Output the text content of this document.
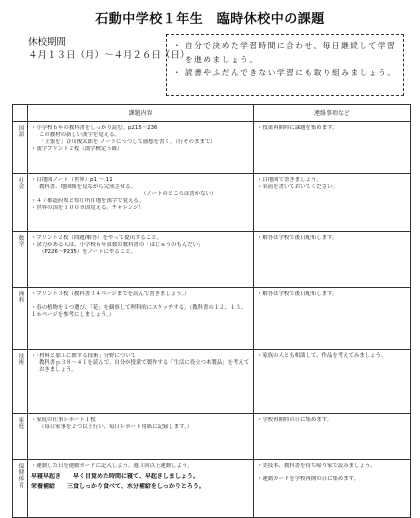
石動中学校１年生　臨時休校中の課題
休校期間
４月１３日（月）～４月２６日（日）
・ 自分で決めた学習時間に合わせ、毎日継続して学習を進めましょう。
・ 読書やふだんできない学習にも取り組みましょう。
	課題内容	連絡事項など
国語	・小学校６年の教科書をしっかり読む。p215～236
この教材の新しい漢字を覚える。
「主張を」谷川俊太郎を ノートにうつして感想を書く。（行そのままで）
・漢字プリント２枚（漢字検定５級）	・授業再開時に課題を集めます。

社会	・白地図ノート（世界）p1 ～ 11
教科書、地図帳を見ながら完成させる。
（ノートのところは書かない）
・４７都道府県と県庁所在地を漢字で覚える。
・世界の国を１００カ国覚える。チャレンジ！	・白地図で書きましょう。
・名前を書いておいてください。

数学	・プリント２枚（問題/解答）をやって提出すること。
・余力がある人は、小学校６年算数の教科書の「ほじゅうのもんだい」
（P226～P235）をノートにやること。	・解答は学校で後日配布します。

理科	・プリント３枚（教科書３４ページまでを読んで書きましょう。）
・春の植物を１つ選び、「花」を観察して理科的にスケッチする。（教科書の１２、１３、１６ページを参考にしましょう。）	・解答は学校で後日配布します。

技術	・「材料と加工に関する技術」分野について
教科書ｐ３８～４１を読んで、自分が授業で製作する「生活に役立つ木製品」を考えておきましょう。	・家族の人とも相談して、作品を考えてみましょう。

家庭	・家庭の仕事レポート１枚
（毎日家事を２つ以上行い、毎日レポート用紙に記録します。）	・学校再開時の日に集めます。

保健体育	・運動した日を運動カードに記入しよう。週３回以上運動しよう。
早寝早起き　　早く目覚めた時間に寝て、早起きしましょう。
栄養補給　　三食しっかり食べて、水分補給をしっかりとろう。	・美技本、教科書を持ち帰り家で読みましょう。
・運動カードを学校再開の日に集めます。
